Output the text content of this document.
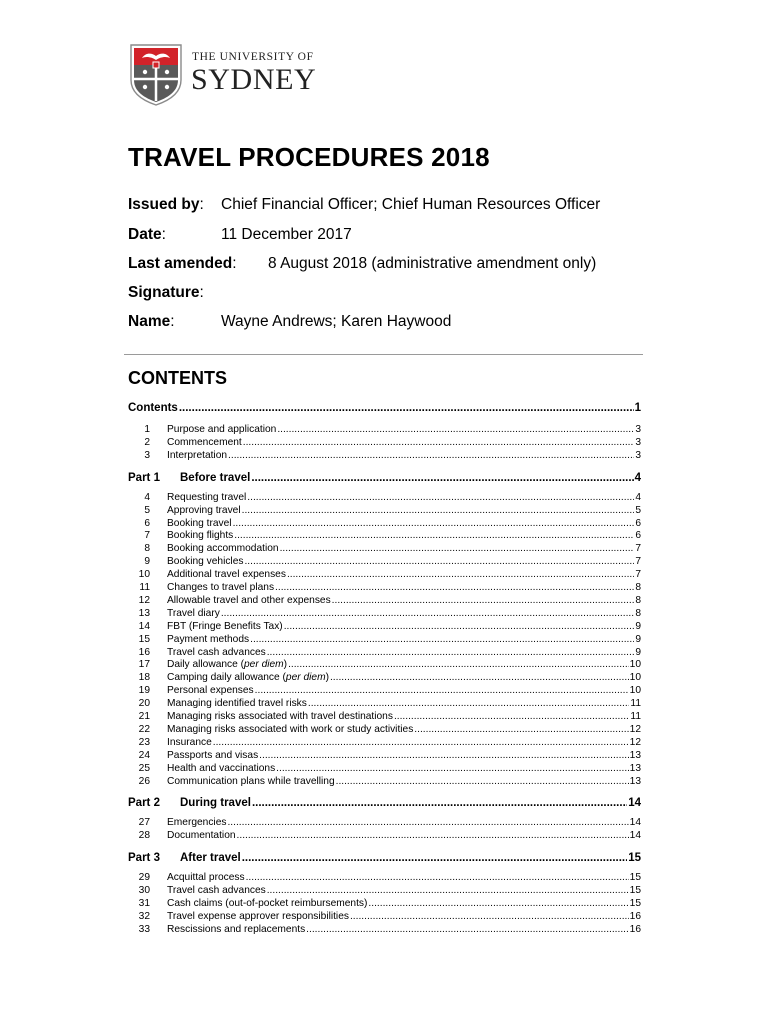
THE UNIVERSITY OF
SYDNEY
TRAVEL PROCEDURES 2018
Issued by: Chief Financial Officer; Chief Human Resources Officer
Date:	11 December 2017
Last amended: 8 August 2018 (administrative amendment only)
Signature:
Name:	Wayne Andrews; Karen Haywood
CONTENTS
Contents .....	1
1 Purpose and application .....	3
2 Commencement .....	3
3 Interpretation .....	3
Part 1	Before travel .....	4
4 Requesting travel .....	4
5 Approving travel .....	5
6 Booking travel .....	6
7 Booking flights .....	6
8 Booking accommodation .....	7
9 Booking vehicles .....	7
10 Additional travel expenses .....	7
11 Changes to travel plans .....	8
12 Allowable travel and other expenses .....	8
13 Travel diary .....	8
14 FBT (Fringe Benefits Tax) .....	9
15 Payment methods .....	9
16 Travel cash advances .....	9
17 Daily allowance (per diem) .....	10
18 Camping daily allowance (per diem) .....	10
19 Personal expenses .....	10
20 Managing identified travel risks .....	11
21 Managing risks associated with travel destinations .....	11
22 Managing risks associated with work or study activities .....	12
23 Insurance .....	12
24 Passports and visas .....	13
25 Health and vaccinations .....	13
26 Communication plans while travelling .....	13
Part 2	During travel .....	14
27 Emergencies .....	14
28 Documentation .....	14
Part 3	After travel .....	15
29 Acquittal process .....	15
30 Travel cash advances .....	15
31 Cash claims (out-of-pocket reimbursements) .....	15
32 Travel expense approver responsibilities .....	16
33 Rescissions and replacements .....	16
